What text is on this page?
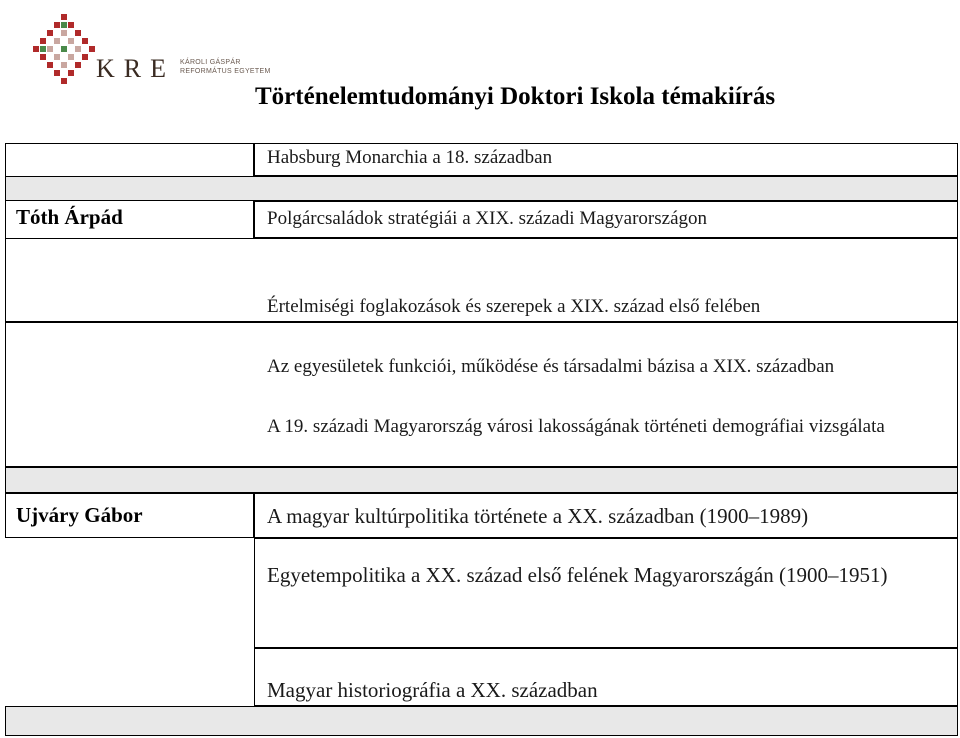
KRE KÁROLI GÁSPÁR
REFORMÁTUS EGYETEM
Történelemtudományi Doktori Iskola témakiírás
Tóth Árpád
Habsburg Monarchia a 18. században
Polgárcsaládok stratégiái a XIX. századi Magyarországon
Értelmiségi foglakozások és szerepek a XIX. század első felében
Az egyesületek funkciói, működése és társadalmi bázisa a XIX. században
A 19. századi Magyarország városi lakosságának történeti demográfiai vizsgálata
Ujváry Gábor	A magyar kultúrpolitika története a XX. században (1900–1989)
Egyetempolitika a XX. század első felének Magyarországán (1900–1951)
Magyar historiográfia a XX. században
